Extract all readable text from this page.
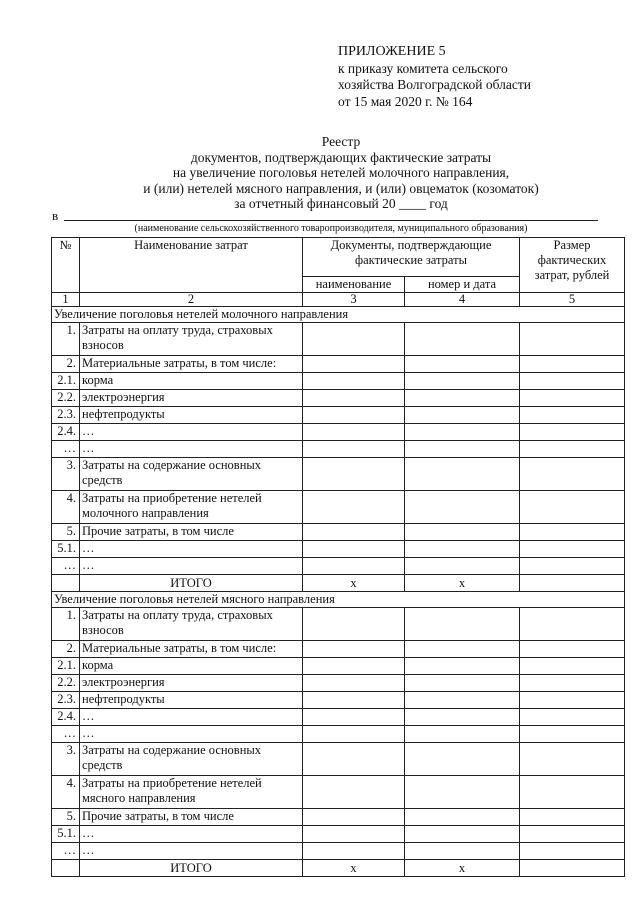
ПРИЛОЖЕНИЕ 5
к приказу комитета сельского
хозяйства Волгоградской области
от 15 мая 2020 г. № 164
Реестр
документов, подтверждающих фактические затраты
на увеличение поголовья нетелей молочного направления,
и (или) нетелей мясного направления, и (или) овцематок (козоматок)
за отчетный финансовый 20 ____ год
в
(наименование сельскохозяйственного товаропроизводителя, муниципального образования)
№	Наименование затрат	Документы, подтверждающие фактические затраты		Размер фактических затрат, рублей
		наименование	номер и дата	
1	2	3	4	5
Увеличение поголовья нетелей молочного направления				
1.	Затраты на оплату труда, страховых взносов			
2.	Материальные затраты, в том числе:			
2.1.	корма			
2.2.	электроэнергия			
2.3.	нефтепродукты			
2.4.	…			
…	…			
3.	Затраты на содержание основных средств			
4.	Затраты на приобретение нетелей молочного направления			
5.	Прочие затраты, в том числе			
5.1.	…			
…	…			
	ИТОГО	x	x	
Увеличение поголовья нетелей мясного направления				
1.	Затраты на оплату труда, страховых взносов			
2.	Материальные затраты, в том числе:			
2.1.	корма			
2.2.	электроэнергия			
2.3.	нефтепродукты			
2.4.	…			
…	…			
3.	Затраты на содержание основных средств			
4.	Затраты на приобретение нетелей мясного направления			
5.	Прочие затраты, в том числе			
5.1.	…			
…	…			
	ИТОГО	x	x	
